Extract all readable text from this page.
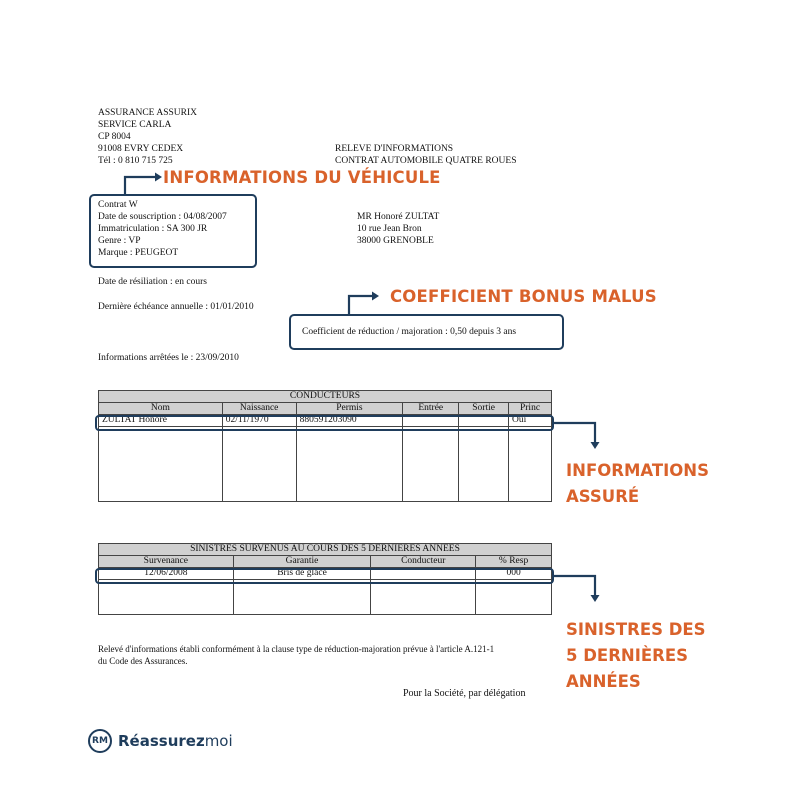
ASSURANCE ASSURIX
SERVICE CARLA
CP 8004
91008 EVRY CEDEX
Tél : 0 810 715 725
RELEVE D'INFORMATIONS
CONTRAT AUTOMOBILE QUATRE ROUES
INFORMATIONS DU VÉHICULE
Contrat W
Date de souscription : 04/08/2007
Immatriculation : SA 300 JR
Genre : VP
Marque : PEUGEOT
MR Honoré ZULTAT
10 rue Jean Bron
38000 GRENOBLE
Date de résiliation : en cours
Dernière échéance annuelle : 01/01/2010
COEFFICIENT BONUS MALUS
Coefficient de réduction / majoration : 0,50 depuis 3 ans
Informations arrêtées le : 23/09/2010
CONDUCTEURS					
Nom	Naissance	Permis	Entrée	Sortie	Princ
ZULTAT Honoré	02/11/1970	880591203090			Oui

INFORMATIONS
ASSURÉ
SINISTRES SURVENUS AU COURS DES 5 DERNIERES ANNEES			
Survenance	Garantie	Conducteur	% Resp
12/06/2008	Bris de glace		000

SINISTRES DES
5 DERNIÈRES
ANNÉES
Relevé d'informations établi conformément à la clause type de réduction-majoration prévue à l'article A.121-1
du Code des Assurances.
Pour la Société, par délégation
RM Réassurezmoi
